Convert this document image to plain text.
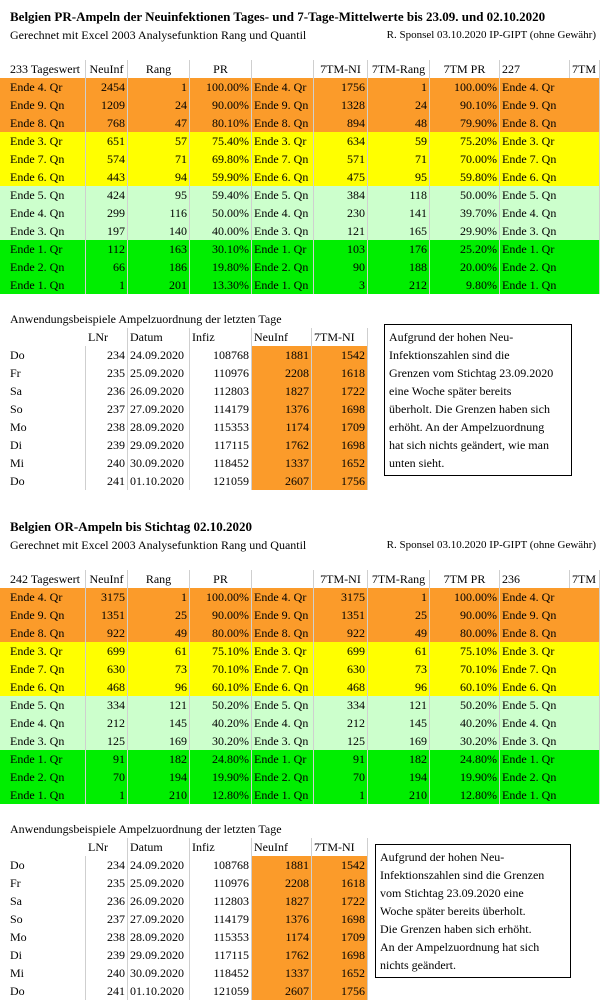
Belgien PR-Ampeln der Neuinfektionen Tages- und 7-Tage-Mittelwerte bis 23.09. und 02.10.2020
Gerechnet mit Excel 2003 Analysefunktion Rang und Quantil	R. Sponsel 03.10.2020 IP-GIPT (ohne Gewähr)
233 Tageswert NeuInf	Rang	PR	7TM-NI 7TM-Rang	7TM PR	227	7TM
Ende 4. Qr	2454	1	100.00% Ende 4. Qr	1756	1	100.00% Ende 4. Qr
Ende 9. Qn	1209	24	90.00% Ende 9. Qn	1328	24	90.10% Ende 9. Qn
Ende 8. Qn	768	47	80.10% Ende 8. Qn	894	48	79.90% Ende 8. Qn
Ende 3. Qr	651	57	75.40% Ende 3. Qr	634	59	75.20% Ende 3. Qr
Ende 7. Qn	574	71	69.80% Ende 7. Qn	571	71	70.00% Ende 7. Qn
Ende 6. Qn	443	94	59.90% Ende 6. Qn	475	95	59.80% Ende 6. Qn
Ende 5. Qn	424	95	59.40% Ende 5. Qn	384	118	50.00% Ende 5. Qn
Ende 4. Qn	299	116	50.00% Ende 4. Qn	230	141	39.70% Ende 4. Qn
Ende 3. Qn	197	140	40.00% Ende 3. Qn	121	165	29.90% Ende 3. Qn
Ende 1. Qr	112	163	30.10% Ende 1. Qr	103	176	25.20% Ende 1. Qr
Ende 2. Qn	66	186	19.80% Ende 2. Qn	90	188	20.00% Ende 2. Qn
Ende 1. Qn	1	201	13.30% Ende 1. Qn	3	212	9.80% Ende 1. Qn
Anwendungsbeispiele Ampelzuordnung der letzten Tage
LNr	Datum	Infiz	NeuInf	7TM-NI
Do	234 24.09.2020	108768	1881	1542
Fr	235 25.09.2020	110976	2208	1618
Sa	236 26.09.2020	112803	1827	1722
So	237 27.09.2020	114179	1376	1698
Mo	238 28.09.2020	115353	1174	1709
Di	239 29.09.2020	117115	1762	1698
Mi	240 30.09.2020	118452	1337	1652
Do	241 01.10.2020	121059	2607	1756
Aufgrund der hohen Neu-
Infektionszahlen sind die
Grenzen vom Stichtag 23.09.2020
eine Woche später bereits
überholt. Die Grenzen haben sich
erhöht. An der Ampelzuordnung
hat sich nichts geändert, wie man
unten sieht.
Belgien OR-Ampeln bis Stichtag 02.10.2020
Gerechnet mit Excel 2003 Analysefunktion Rang und Quantil	R. Sponsel 03.10.2020 IP-GIPT (ohne Gewähr)
242 Tageswert NeuInf	Rang	PR	7TM-NI 7TM-Rang	7TM PR	236	7TM
Ende 4. Qr	3175	1	100.00% Ende 4. Qr	3175	1	100.00% Ende 4. Qr
Ende 9. Qn	1351	25	90.00% Ende 9. Qn	1351	25	90.00% Ende 9. Qn
Ende 8. Qn	922	49	80.00% Ende 8. Qn	922	49	80.00% Ende 8. Qn
Ende 3. Qr	699	61	75.10% Ende 3. Qr	699	61	75.10% Ende 3. Qr
Ende 7. Qn	630	73	70.10% Ende 7. Qn	630	73	70.10% Ende 7. Qn
Ende 6. Qn	468	96	60.10% Ende 6. Qn	468	96	60.10% Ende 6. Qn
Ende 5. Qn	334	121	50.20% Ende 5. Qn	334	121	50.20% Ende 5. Qn
Ende 4. Qn	212	145	40.20% Ende 4. Qn	212	145	40.20% Ende 4. Qn
Ende 3. Qn	125	169	30.20% Ende 3. Qn	125	169	30.20% Ende 3. Qn
Ende 1. Qr	91	182	24.80% Ende 1. Qr	91	182	24.80% Ende 1. Qr
Ende 2. Qn	70	194	19.90% Ende 2. Qn	70	194	19.90% Ende 2. Qn
Ende 1. Qn	1	210	12.80% Ende 1. Qn	1	210	12.80% Ende 1. Qn
Anwendungsbeispiele Ampelzuordnung der letzten Tage
LNr	Datum	Infiz	NeuInf	7TM-NI
Do	234 24.09.2020	108768	1881	1542
Fr	235 25.09.2020	110976	2208	1618
Sa	236 26.09.2020	112803	1827	1722
So	237 27.09.2020	114179	1376	1698
Mo	238 28.09.2020	115353	1174	1709
Di	239 29.09.2020	117115	1762	1698
Mi	240 30.09.2020	118452	1337	1652
Do	241 01.10.2020	121059	2607	1756
Aufgrund der hohen Neu-
Infektionszahlen sind die Grenzen
vom Stichtag 23.09.2020 eine
Woche später bereits überholt.
Die Grenzen haben sich erhöht.
An der Ampelzuordnung hat sich
nichts geändert.
